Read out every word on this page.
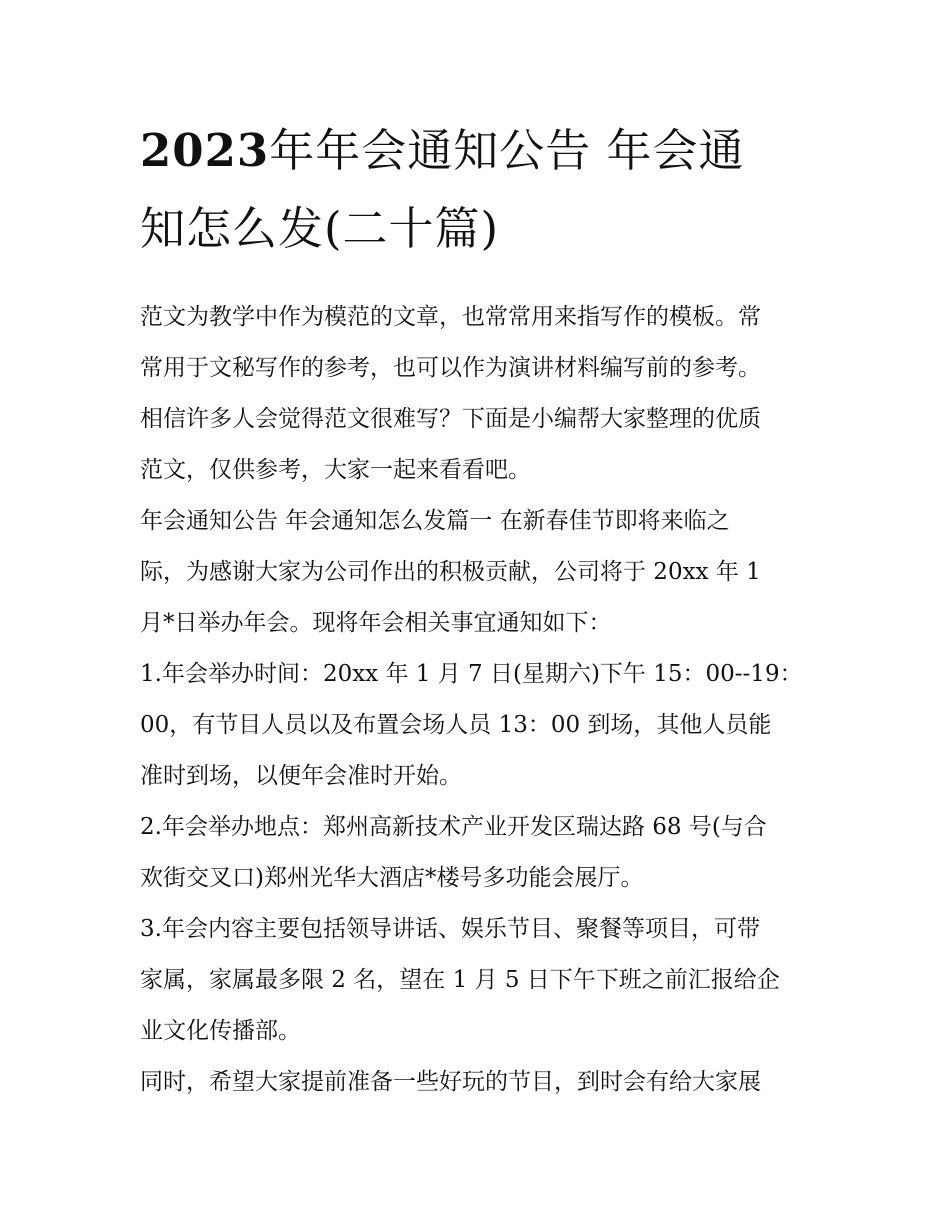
2023年年会通知公告 年会通
知怎么发(二十篇)

范文为教学中作为模范的文章，也常常用来指写作的模板。常
常用于文秘写作的参考，也可以作为演讲材料编写前的参考。
相信许多人会觉得范文很难写？下面是小编帮大家整理的优质
范文，仅供参考，大家一起来看看吧。

年会通知公告 年会通知怎么发篇一 在新春佳节即将来临之
际，为感谢大家为公司作出的积极贡献，公司将于 20xx 年 1
月*日举办年会。现将年会相关事宜通知如下：

1.年会举办时间：20xx 年 1 月 7 日(星期六)下午 15：00--19：
00，有节目人员以及布置会场人员 13：00 到场，其他人员能
准时到场，以便年会准时开始。

2.年会举办地点：郑州高新技术产业开发区瑞达路 68 号(与合
欢街交叉口)郑州光华大酒店*楼号多功能会展厅。

3.年会内容主要包括领导讲话、娱乐节目、聚餐等项目，可带
家属，家属最多限 2 名，望在 1 月 5 日下午下班之前汇报给企
业文化传播部。

同时，希望大家提前准备一些好玩的节目，到时会有给大家展
